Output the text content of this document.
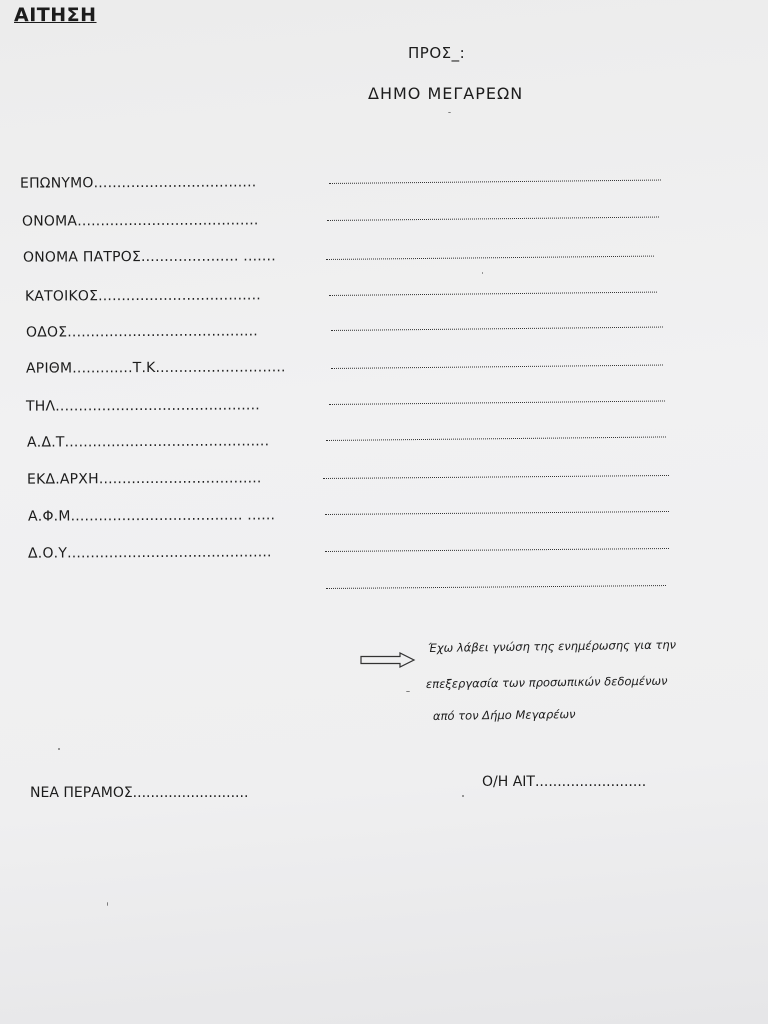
ΑΙΤΗΣΗ
ΠΡΟΣ_:
ΔΗΜΟ ΜΕΓΑΡΕΩΝ
ΕΠΩΝΥΜΟ...................................
ΟΝΟΜΑ.......................................
ΟΝΟΜΑ ΠΑΤΡΟΣ..................... .......
ΚΑΤΟΙΚΟΣ...................................
ΟΔΟΣ.........................................
ΑΡΙΘΜ.............Τ.Κ............................
ΤΗΛ............................................
Α.Δ.Τ............................................
ΕΚΔ.ΑΡΧΗ...................................
Α.Φ.Μ..................................... ......
Δ.Ο.Υ............................................
Έχω λάβει γνώση της ενημέρωσης για την
επεξεργασία των προσωπικών δεδομένων
από τον Δήμο Μεγαρέων
ΝΕΑ ΠΕΡΑΜΟΣ..........................
Ο/Η ΑΙΤ.........................
